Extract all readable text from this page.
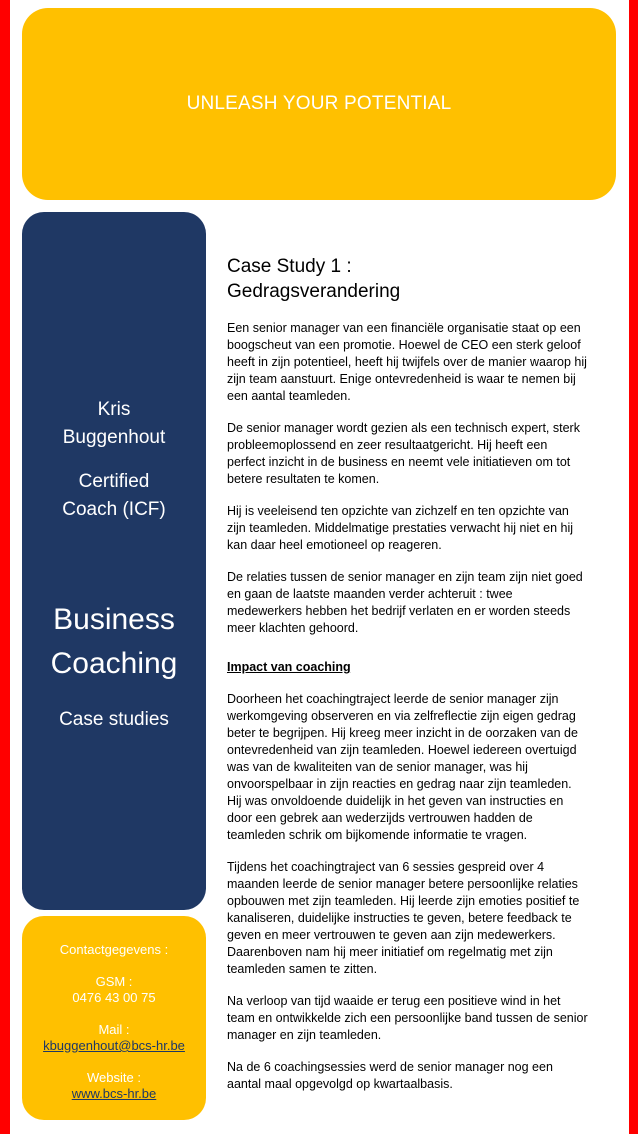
UNLEASH YOUR POTENTIAL
Kris
Buggenhout
Certified
Coach (ICF)
Business
Coaching
Case studies
Contactgegevens :
GSM :
0476 43 00 75
Mail :
kbuggenhout@bcs-hr.be
Website :
www.bcs-hr.be
Case Study 1 :
Gedragsverandering

Een senior manager van een financiële organisatie staat op een boogscheut van een promotie. Hoewel de CEO een sterk geloof heeft in zijn potentieel, heeft hij twijfels over de manier waarop hij zijn team aanstuurt. Enige ontevredenheid is waar te nemen bij een aantal teamleden.

De senior manager wordt gezien als een technisch expert, sterk probleemoplossend en zeer resultaatgericht. Hij heeft een perfect inzicht in de business en neemt vele initiatieven om tot betere resultaten te komen.

Hij is veeleisend ten opzichte van zichzelf en ten opzichte van zijn teamleden. Middelmatige prestaties verwacht hij niet en hij kan daar heel emotioneel op reageren.

De relaties tussen de senior manager en zijn team zijn niet goed en gaan de laatste maanden verder achteruit : twee medewerkers hebben het bedrijf verlaten en er worden steeds meer klachten gehoord.

Impact van coaching

Doorheen het coachingtraject leerde de senior manager zijn werkomgeving observeren en via zelfreflectie zijn eigen gedrag beter te begrijpen. Hij kreeg meer inzicht in de oorzaken van de ontevredenheid van zijn teamleden. Hoewel iedereen overtuigd was van de kwaliteiten van de senior manager, was hij onvoorspelbaar in zijn reacties en gedrag naar zijn teamleden. Hij was onvoldoende duidelijk in het geven van instructies en door een gebrek aan wederzijds vertrouwen hadden de teamleden schrik om bijkomende informatie te vragen.

Tijdens het coachingtraject van 6 sessies gespreid over 4 maanden leerde de senior manager betere persoonlijke relaties opbouwen met zijn teamleden. Hij leerde zijn emoties positief te kanaliseren, duidelijke instructies te geven, betere feedback te geven en meer vertrouwen te geven aan zijn medewerkers. Daarenboven nam hij meer initiatief om regelmatig met zijn teamleden samen te zitten.

Na verloop van tijd waaide er terug een positieve wind in het team en ontwikkelde zich een persoonlijke band tussen de senior manager en zijn teamleden.

Na de 6 coachingsessies werd de senior manager nog een aantal maal opgevolgd op kwartaalbasis.
